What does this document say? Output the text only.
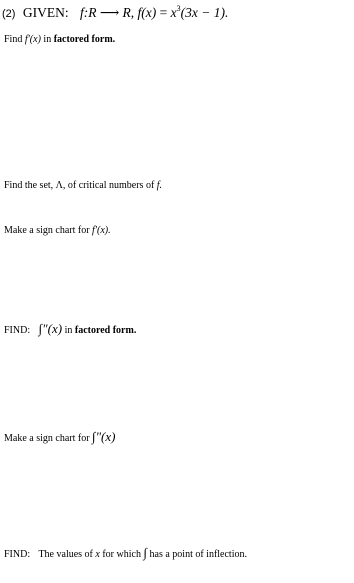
(2) GIVEN: f:R ⟶ R, $f(x) = x^3(3x - 1)$.
Find f′(x) in factored form.
Find the set, Λ, of critical numbers of f.
Make a sign chart for f′(x).
FIND: ∫"(x) in factored form.
Make a sign chart for ∫"(x)
FIND: The values of x for which ∫ has a point of inflection.
